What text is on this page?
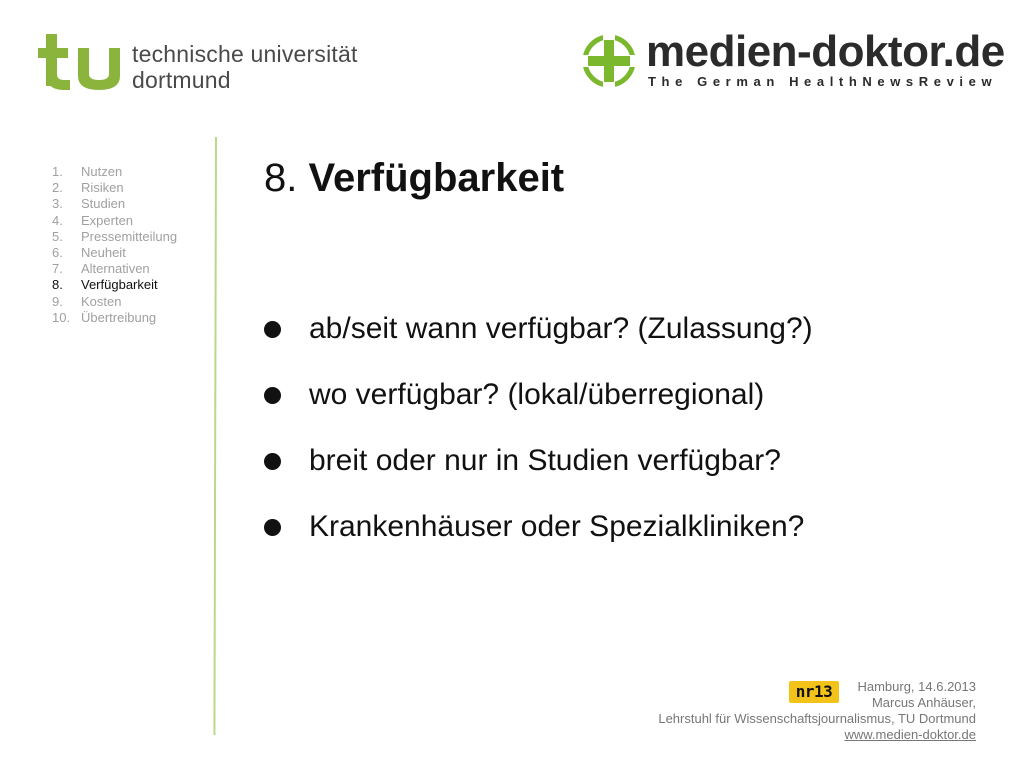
technische universität
dortmund
medien-doktor.de
The German HealthNewsReview
1.	Nutzen
2.	Risiken
3.	Studien
4.	Experten
5.	Pressemitteilung
6.	Neuheit
7.	Alternativen
8.	Verfügbarkeit
9.	Kosten
10. Übertreibung
8. Verfügbarkeit
ab/seit wann verfügbar? (Zulassung?)
wo verfügbar? (lokal/überregional)
breit oder nur in Studien verfügbar?
Krankenhäuser oder Spezialkliniken?
nr13	Hamburg, 14.6.2013
Marcus Anhäuser,
Lehrstuhl für Wissenschaftsjournalismus, TU Dortmund
www.medien-doktor.de
